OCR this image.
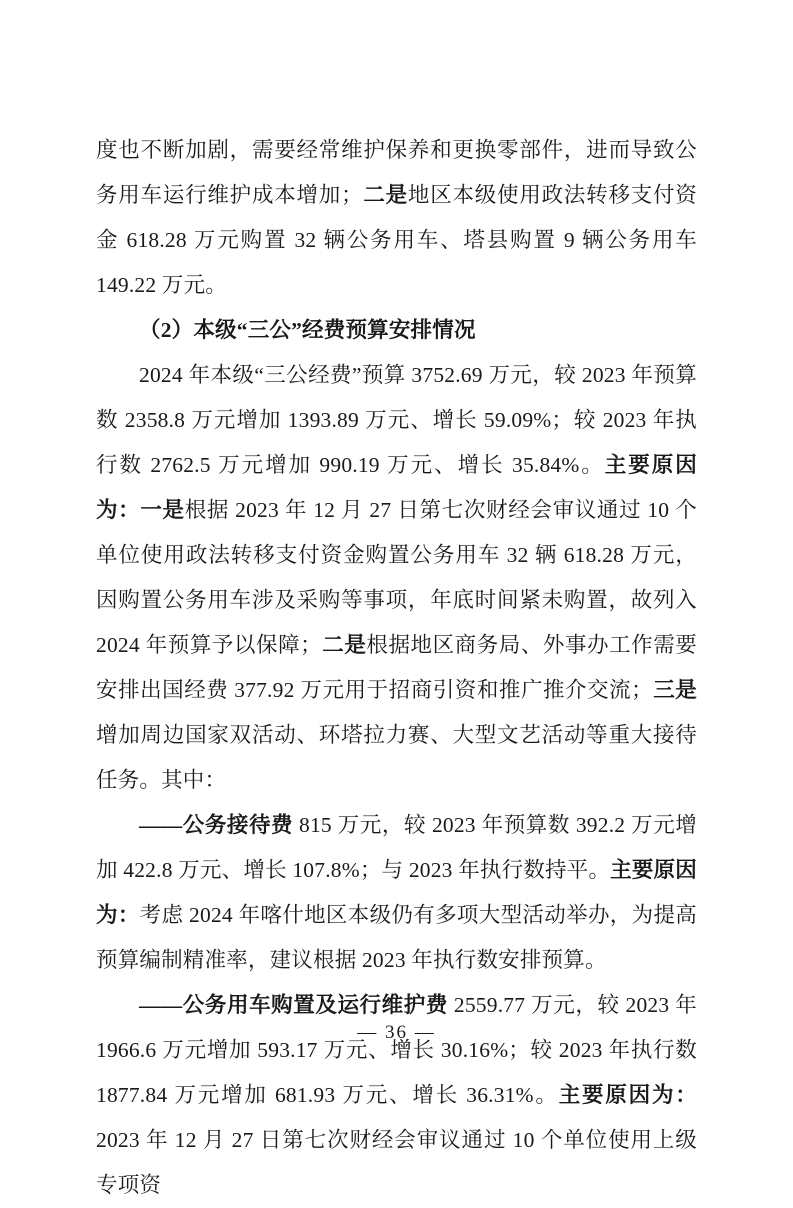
度也不断加剧，需要经常维护保养和更换零部件，进而导致公务用车运行维护成本增加；二是地区本级使用政法转移支付资金 618.28 万元购置 32 辆公务用车、塔县购置 9 辆公务用车 149.22 万元。

（2）本级“三公”经费预算安排情况

2024 年本级“三公经费”预算 3752.69 万元，较 2023 年预算数 2358.8 万元增加 1393.89 万元、增长 59.09%；较 2023 年执行数 2762.5 万元增加 990.19 万元、增长 35.84%。主要原因为：一是根据 2023 年 12 月 27 日第七次财经会审议通过 10 个单位使用政法转移支付资金购置公务用车 32 辆 618.28 万元，因购置公务用车涉及采购等事项，年底时间紧未购置，故列入 2024 年预算予以保障；二是根据地区商务局、外事办工作需要安排出国经费 377.92 万元用于招商引资和推广推介交流；三是增加周边国家双活动、环塔拉力赛、大型文艺活动等重大接待任务。其中：

——公务接待费 815 万元，较 2023 年预算数 392.2 万元增加 422.8 万元、增长 107.8%；与 2023 年执行数持平。主要原因为：考虑 2024 年喀什地区本级仍有多项大型活动举办，为提高预算编制精准率，建议根据 2023 年执行数安排预算。

——公务用车购置及运行维护费 2559.77 万元，较 2023 年 1966.6 万元增加 593.17 万元、增长 30.16%；较 2023 年执行数 1877.84 万元增加 681.93 万元、增长 36.31%。主要原因为：2023 年 12 月 27 日第七次财经会审议通过 10 个单位使用上级专项资

— 36 —
